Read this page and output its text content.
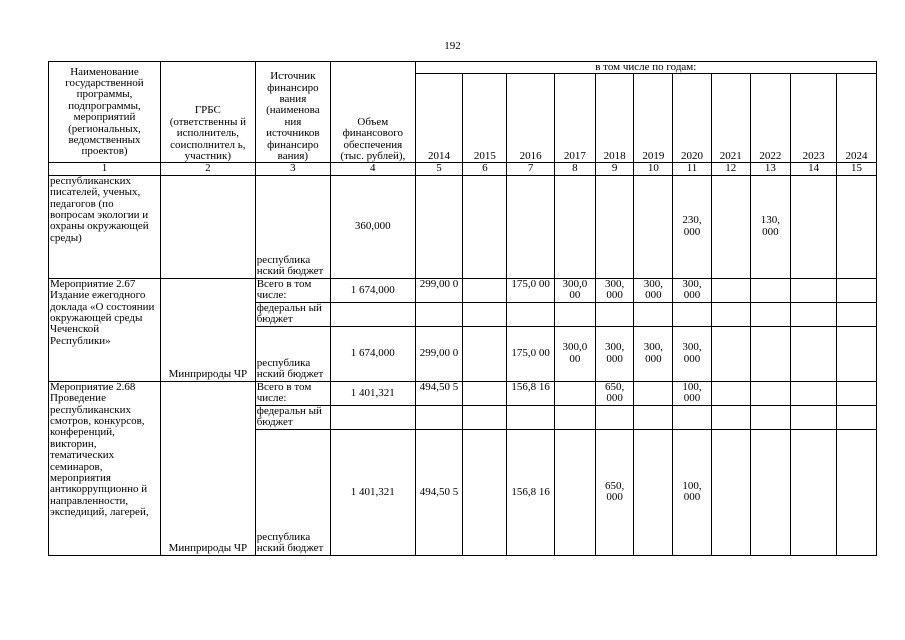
192
Наименование государственной программы, подпрограммы, мероприятий (региональных, ведомственных проектов)	ГРБС (ответственны й исполнитель, соисполнител ь, участник)	Источник финансиро вания (наименова ния источников финансиро вания)	Объем финансового обеспечения (тыс. рублей),	в том числе по годам:										
				2014	2015	2016	2017	2018	2019	2020	2021	2022	2023	2024
1	2	3	4	5	6	7	8	9	10	11	12	13	14	15
республиканских писателей, ученых, педагогов (по вопросам экологии и охраны окружающей среды)		республика нский бюджет	360,000							230, 000		130, 000		
Мероприятие 2.67 Издание ежегодного доклада «О состоянии окружающей среды Чеченской Республики»	Минприроды ЧР	Всего в том числе:	1 674,000	299,00 0		175,0 00	300,0 00	300, 000	300, 000	300, 000				
		федеральн ый бюджет												
		республика нский бюджет	1 674,000	299,00 0		175,0 00	300,0 00	300, 000	300, 000	300, 000				
Мероприятие 2.68 Проведение республиканских смотров, конкурсов, конференций, викторин, тематических семинаров, мероприятия антикоррупционно й направленности, экспедиций, лагерей,	Минприроды ЧР	Всего в том числе:	1 401,321	494,50 5		156,8 16		650, 000		100, 000				
		федеральн ый бюджет												
		республика нский бюджет	1 401,321	494,50 5		156,8 16		650, 000		100, 000				
